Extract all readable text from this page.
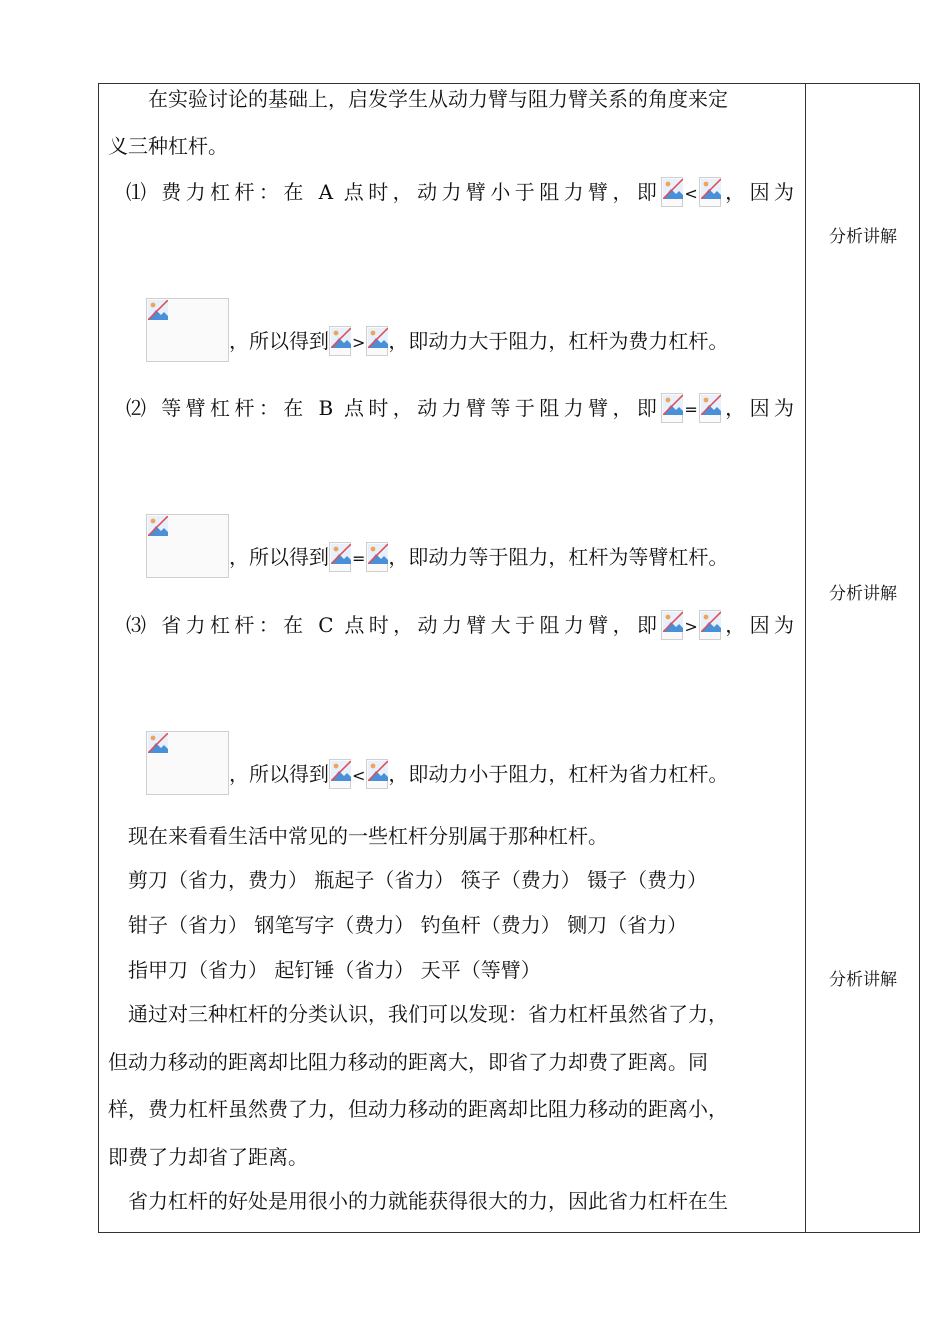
分析讲解
分析讲解
分析讲解
在实验讨论的基础上，启发学生从动力臂与阻力臂关系的角度来定
义三种杠杆。
⑴ 费力杠杆：在 A 点时，动力臂小于阻力臂，即 < ，因为
，所以得到 > ，即动力大于阻力，杠杆为费力杠杆。
⑵ 等臂杠杆：在 B 点时，动力臂等于阻力臂，即 = ，因为
，所以得到 = ，即动力等于阻力，杠杆为等臂杠杆。
⑶ 省力杠杆：在 C 点时，动力臂大于阻力臂，即 > ，因为
，所以得到 < ，即动力小于阻力，杠杆为省力杠杆。
现在来看看生活中常见的一些杠杆分别属于那种杠杆。
剪刀（省力，费力） 瓶起子（省力） 筷子（费力） 镊子（费力）
钳子（省力） 钢笔写字（费力） 钓鱼杆（费力） 铡刀（省力）
指甲刀（省力） 起钉锤（省力） 天平（等臂）
通过对三种杠杆的分类认识，我们可以发现：省力杠杆虽然省了力，
但动力移动的距离却比阻力移动的距离大，即省了力却费了距离。同
样，费力杠杆虽然费了力，但动力移动的距离却比阻力移动的距离小，
即费了力却省了距离。
省力杠杆的好处是用很小的力就能获得很大的力，因此省力杠杆在生
